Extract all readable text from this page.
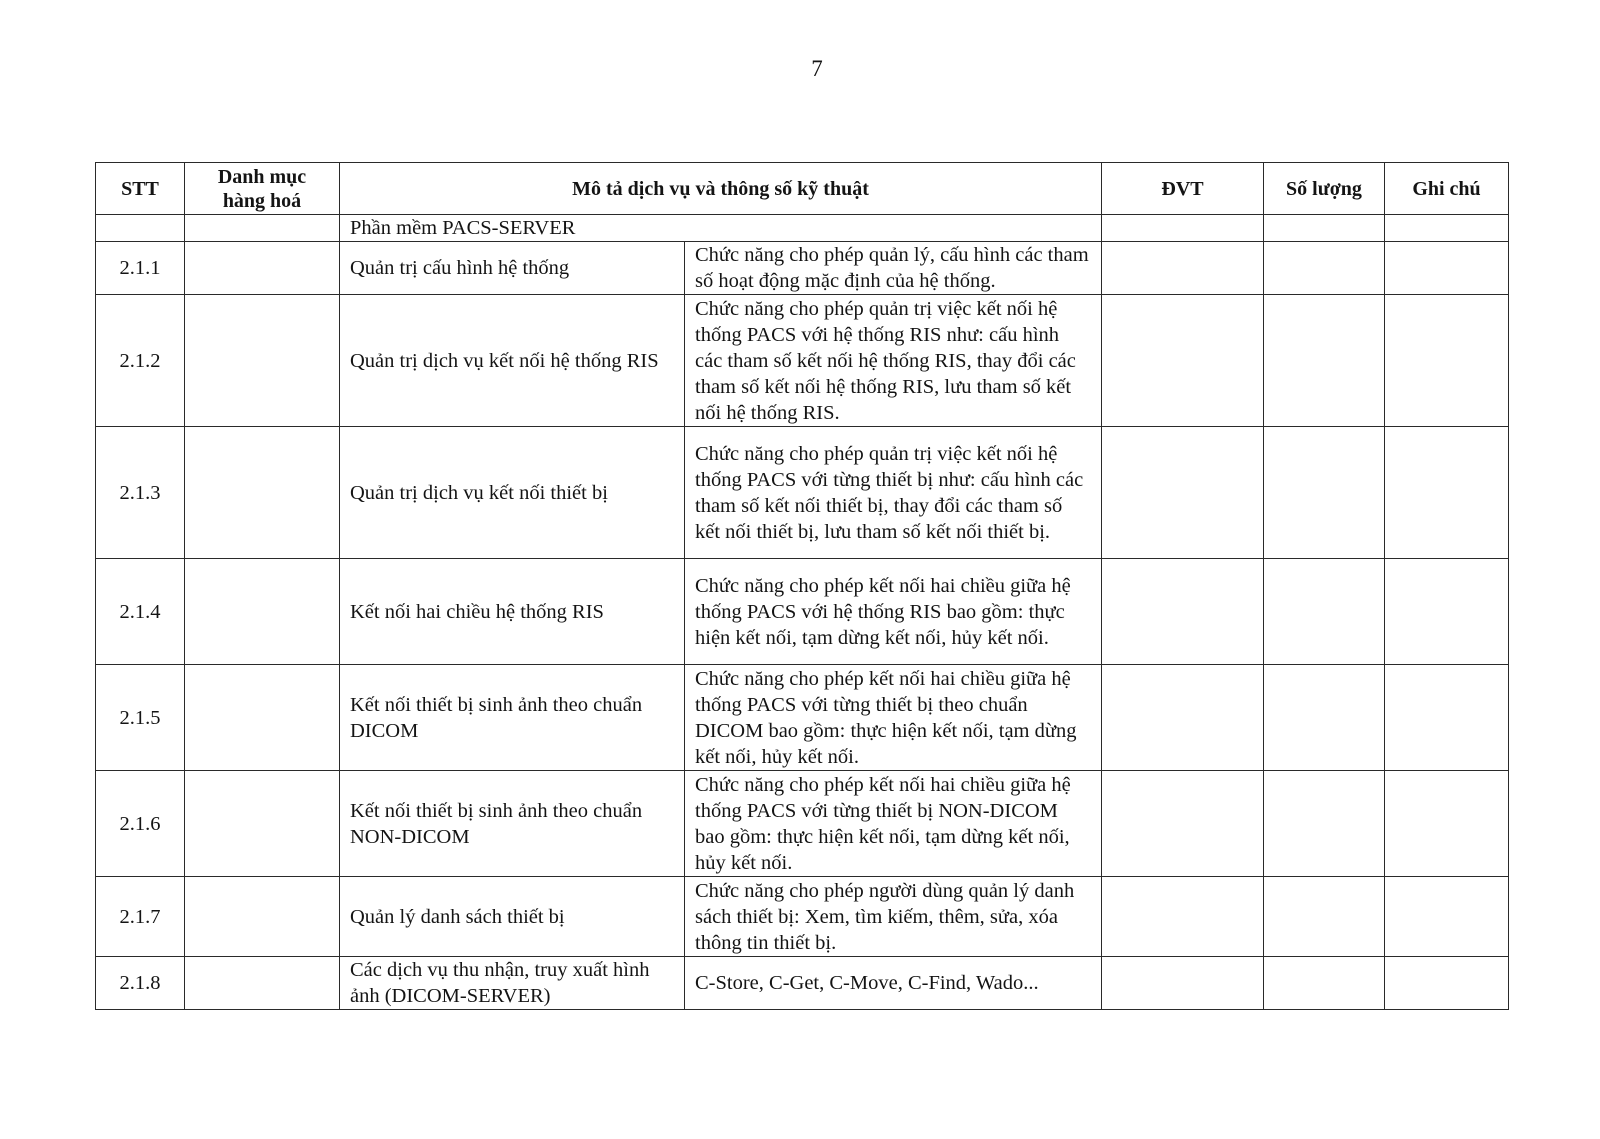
7
STT	Danh mục hàng hoá	Mô tả dịch vụ và thông số kỹ thuật		ĐVT	Số lượng	Ghi chú
		Phần mềm PACS-SERVER				
2.1.1		Quản trị cấu hình hệ thống	Chức năng cho phép quản lý, cấu hình các tham số hoạt động mặc định của hệ thống.			
2.1.2		Quản trị dịch vụ kết nối hệ thống RIS	Chức năng cho phép quản trị việc kết nối hệ thống PACS với hệ thống RIS như: cấu hình các tham số kết nối hệ thống RIS, thay đổi các tham số kết nối hệ thống RIS, lưu tham số kết nối hệ thống RIS.			
2.1.3		Quản trị dịch vụ kết nối thiết bị	Chức năng cho phép quản trị việc kết nối hệ thống PACS với từng thiết bị như: cấu hình các tham số kết nối thiết bị, thay đổi các tham số kết nối thiết bị, lưu tham số kết nối thiết bị.			
2.1.4		Kết nối hai chiều hệ thống RIS	Chức năng cho phép kết nối hai chiều giữa hệ thống PACS với hệ thống RIS bao gồm: thực hiện kết nối, tạm dừng kết nối, hủy kết nối.			
2.1.5		Kết nối thiết bị sinh ảnh theo chuẩn DICOM	Chức năng cho phép kết nối hai chiều giữa hệ thống PACS với từng thiết bị theo chuẩn DICOM bao gồm: thực hiện kết nối, tạm dừng kết nối, hủy kết nối.			
2.1.6		Kết nối thiết bị sinh ảnh theo chuẩn NON-DICOM	Chức năng cho phép kết nối hai chiều giữa hệ thống PACS với từng thiết bị NON-DICOM bao gồm: thực hiện kết nối, tạm dừng kết nối, hủy kết nối.			
2.1.7		Quản lý danh sách thiết bị	Chức năng cho phép người dùng quản lý danh sách thiết bị: Xem, tìm kiếm, thêm, sửa, xóa thông tin thiết bị.			
2.1.8		Các dịch vụ thu nhận, truy xuất hình ảnh (DICOM-SERVER)	C-Store, C-Get, C-Move, C-Find, Wado...			
